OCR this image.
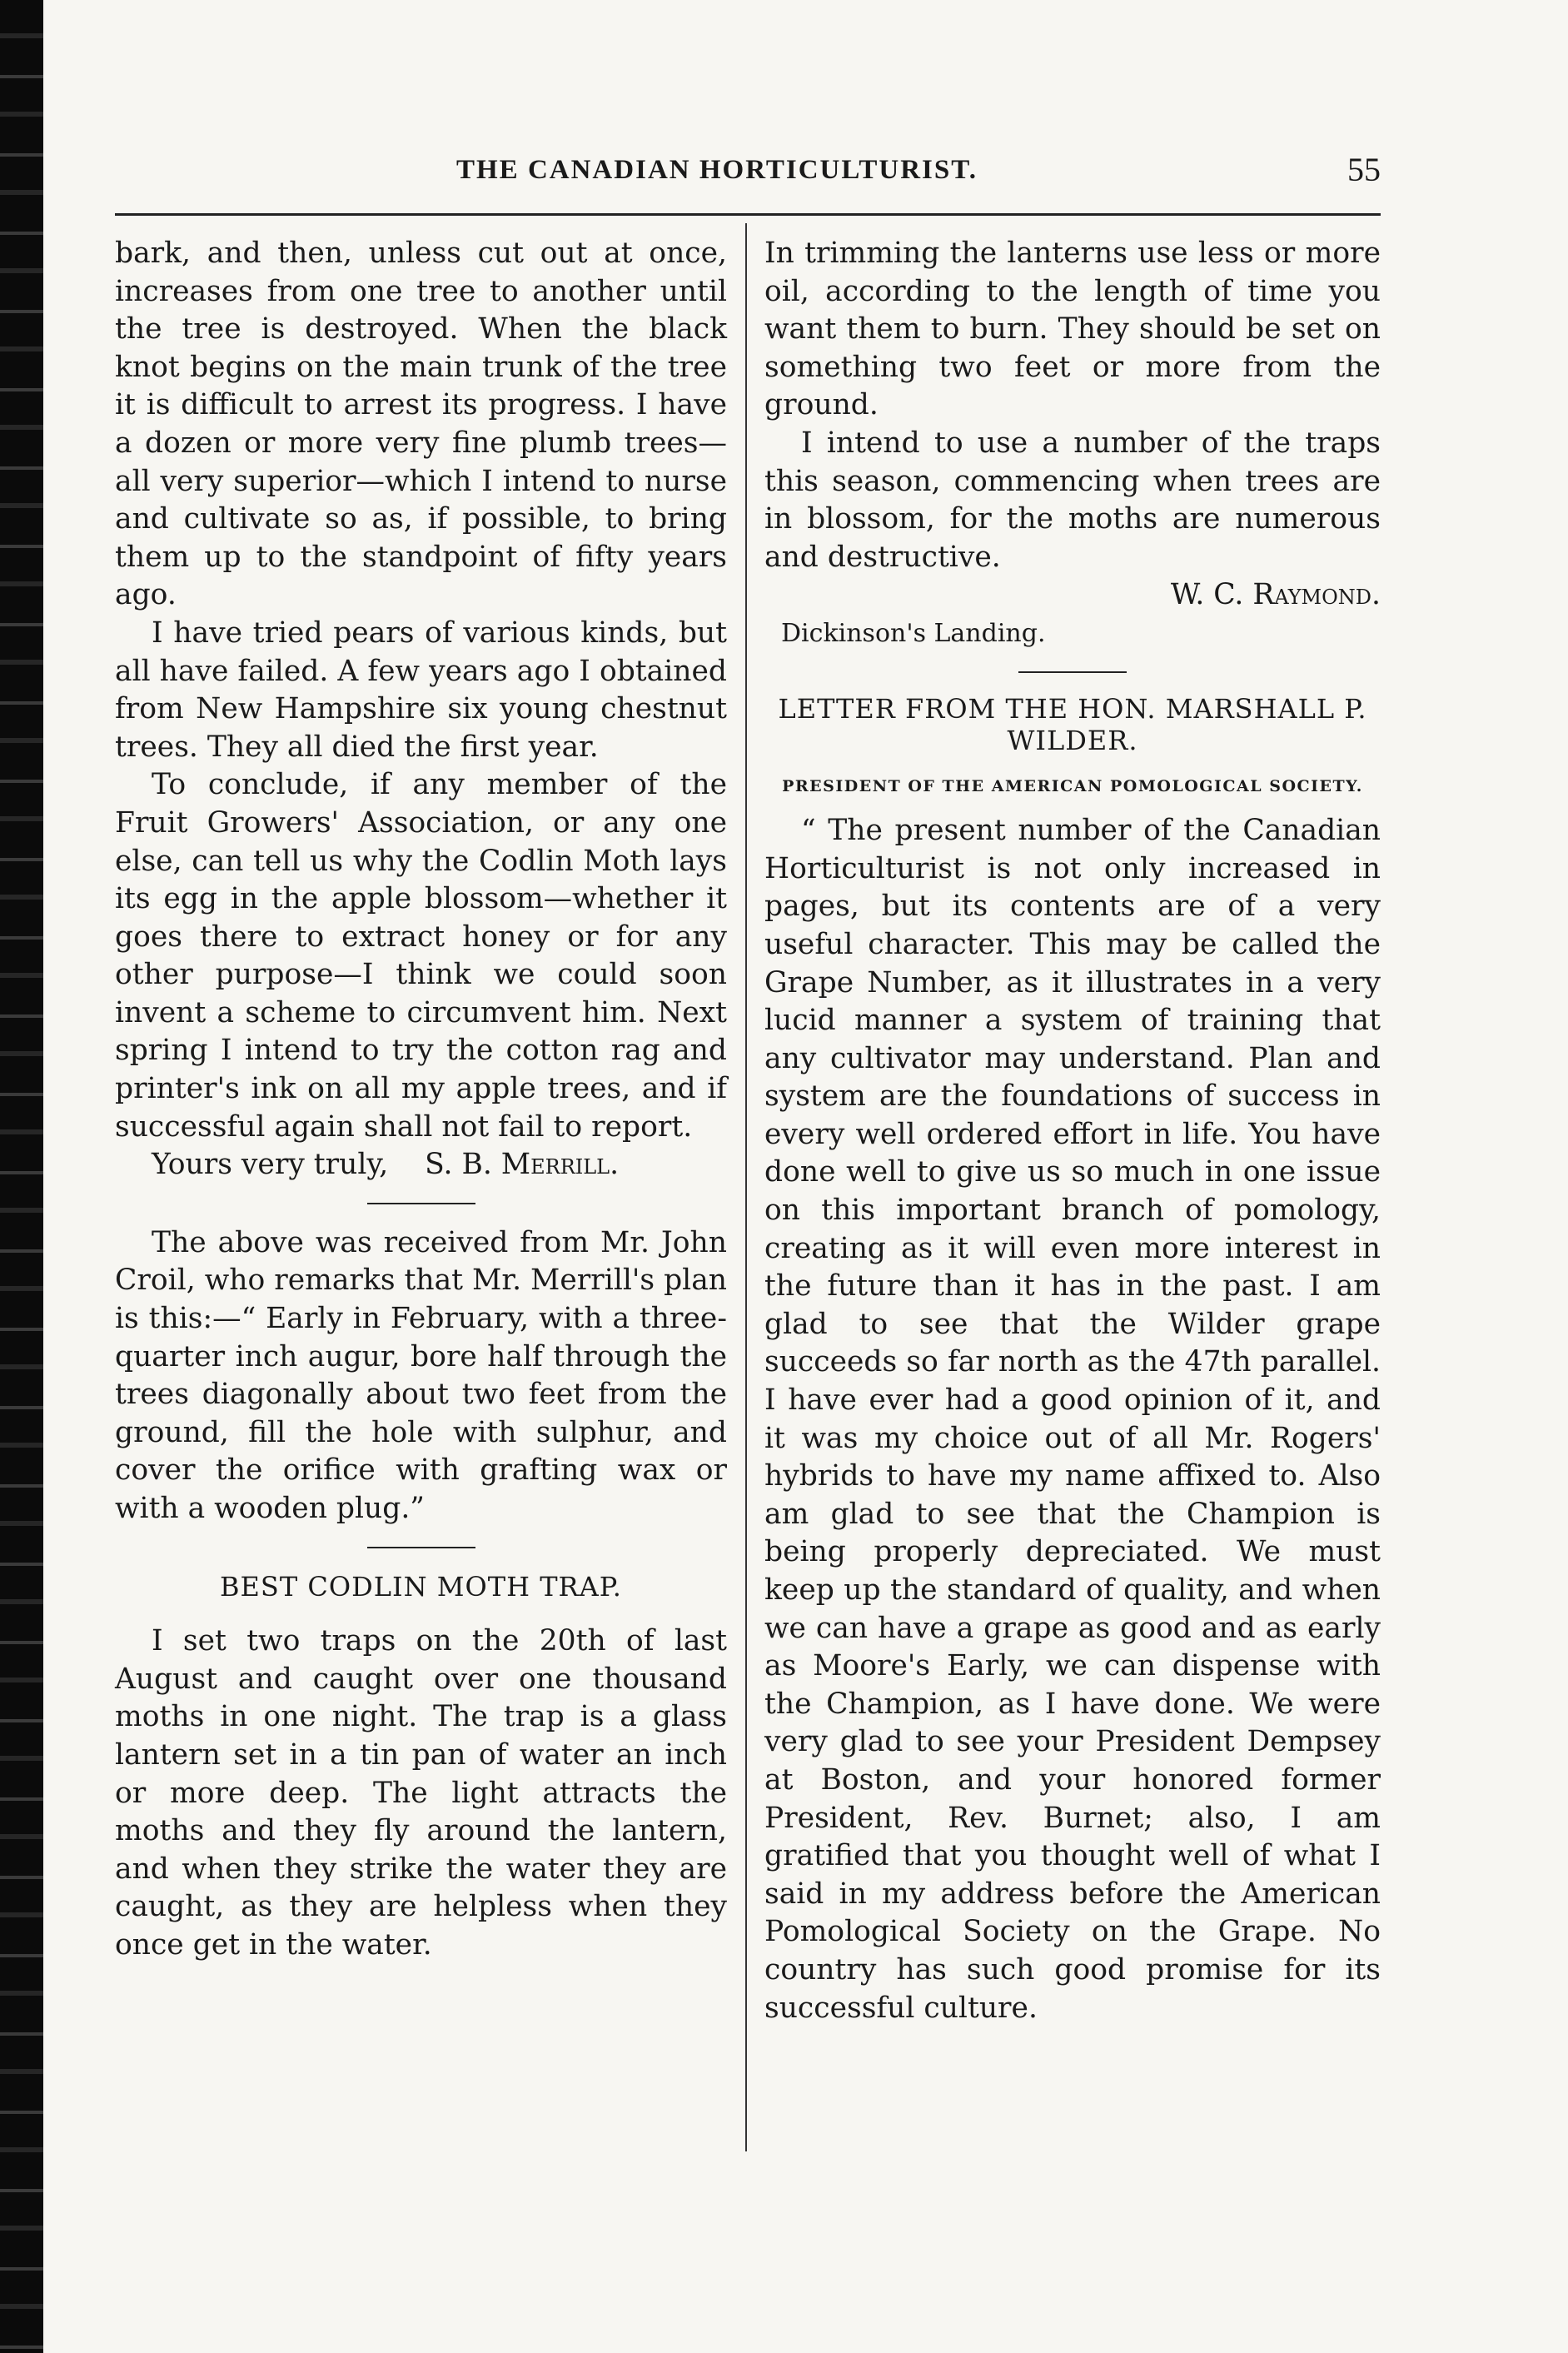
THE CANADIAN HORTICULTURIST.	55

bark, and then, unless cut out at once, increases from one tree to another until the tree is destroyed. When the black knot begins on the main trunk of the tree it is difficult to arrest its progress. I have a dozen or more very fine plumb trees—all very superior—which I intend to nurse and cultivate so as, if possible, to bring them up to the standpoint of fifty years ago.

I have tried pears of various kinds, but all have failed. A few years ago I obtained from New Hampshire six young chestnut trees. They all died the first year.

To conclude, if any member of the Fruit Growers' Association, or any one else, can tell us why the Codlin Moth lays its egg in the apple blossom—whether it goes there to extract honey or for any other purpose—I think we could soon invent a scheme to circumvent him. Next spring I intend to try the cotton rag and printer's ink on all my apple trees, and if successful again shall not fail to report.

Yours very truly, S. B. Merrill.

The above was received from Mr. John Croil, who remarks that Mr. Merrill's plan is this:—“ Early in February, with a three-quarter inch augur, bore half through the trees diagonally about two feet from the ground, fill the hole with sulphur, and cover the orifice with grafting wax or with a wooden plug.”

BEST CODLIN MOTH TRAP.

I set two traps on the 20th of last August and caught over one thousand moths in one night. The trap is a glass lantern set in a tin pan of water an inch or more deep. The light attracts the moths and they fly around the lantern, and when they strike the water they are caught, as they are helpless when they once get in the water.

In trimming the lanterns use less or more oil, according to the length of time you want them to burn. They should be set on something two feet or more from the ground.

I intend to use a number of the traps this season, commencing when trees are in blossom, for the moths are numerous and destructive.

W. C. Raymond.

Dickinson's Landing.

LETTER FROM THE HON. MARSHALL P. WILDER.
PRESIDENT OF THE AMERICAN POMOLOGICAL SOCIETY.

“ The present number of the Canadian Horticulturist is not only increased in pages, but its contents are of a very useful character. This may be called the Grape Number, as it illustrates in a very lucid manner a system of training that any cultivator may understand. Plan and system are the foundations of success in every well ordered effort in life. You have done well to give us so much in one issue on this important branch of pomology, creating as it will even more interest in the future than it has in the past. I am glad to see that the Wilder grape succeeds so far north as the 47th parallel. I have ever had a good opinion of it, and it was my choice out of all Mr. Rogers' hybrids to have my name affixed to. Also am glad to see that the Champion is being properly depreciated. We must keep up the standard of quality, and when we can have a grape as good and as early as Moore's Early, we can dispense with the Champion, as I have done. We were very glad to see your President Dempsey at Boston, and your honored former President, Rev. Burnet; also, I am gratified that you thought well of what I said in my address before the American Pomological Society on the Grape. No country has such good promise for its successful culture.
